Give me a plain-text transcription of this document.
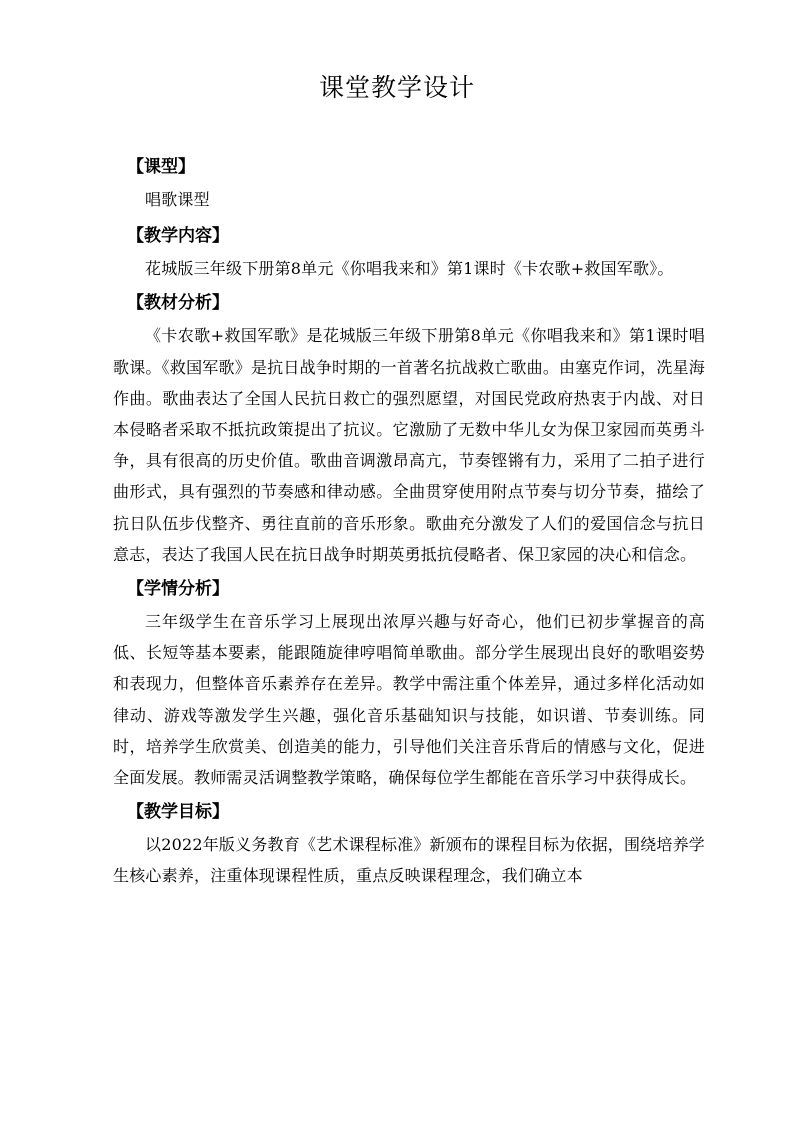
课堂教学设计

【课型】

唱歌课型

【教学内容】

花城版三年级下册第8单元《你唱我来和》第1课时《卡农歌+救国军歌》。

【教材分析】

《卡农歌+救国军歌》是花城版三年级下册第8单元《你唱我来和》第1课时唱歌课。《救国军歌》是抗日战争时期的一首著名抗战救亡歌曲。由塞克作词，冼星海作曲。歌曲表达了全国人民抗日救亡的强烈愿望，对国民党政府热衷于内战、对日本侵略者采取不抵抗政策提出了抗议。它激励了无数中华儿女为保卫家园而英勇斗争，具有很高的历史价值。歌曲音调激昂高亢，节奏铿锵有力，采用了二拍子进行曲形式，具有强烈的节奏感和律动感。全曲贯穿使用附点节奏与切分节奏，描绘了抗日队伍步伐整齐、勇往直前的音乐形象。歌曲充分激发了人们的爱国信念与抗日意志，表达了我国人民在抗日战争时期英勇抵抗侵略者、保卫家园的决心和信念。

【学情分析】

三年级学生在音乐学习上展现出浓厚兴趣与好奇心，他们已初步掌握音的高低、长短等基本要素，能跟随旋律哼唱简单歌曲。部分学生展现出良好的歌唱姿势和表现力，但整体音乐素养存在差异。教学中需注重个体差异，通过多样化活动如律动、游戏等激发学生兴趣，强化音乐基础知识与技能，如识谱、节奏训练。同时，培养学生欣赏美、创造美的能力，引导他们关注音乐背后的情感与文化，促进全面发展。教师需灵活调整教学策略，确保每位学生都能在音乐学习中获得成长。

【教学目标】

以2022年版义务教育《艺术课程标准》新颁布的课程目标为依据，围绕培养学生核心素养，注重体现课程性质，重点反映课程理念，我们确立本
